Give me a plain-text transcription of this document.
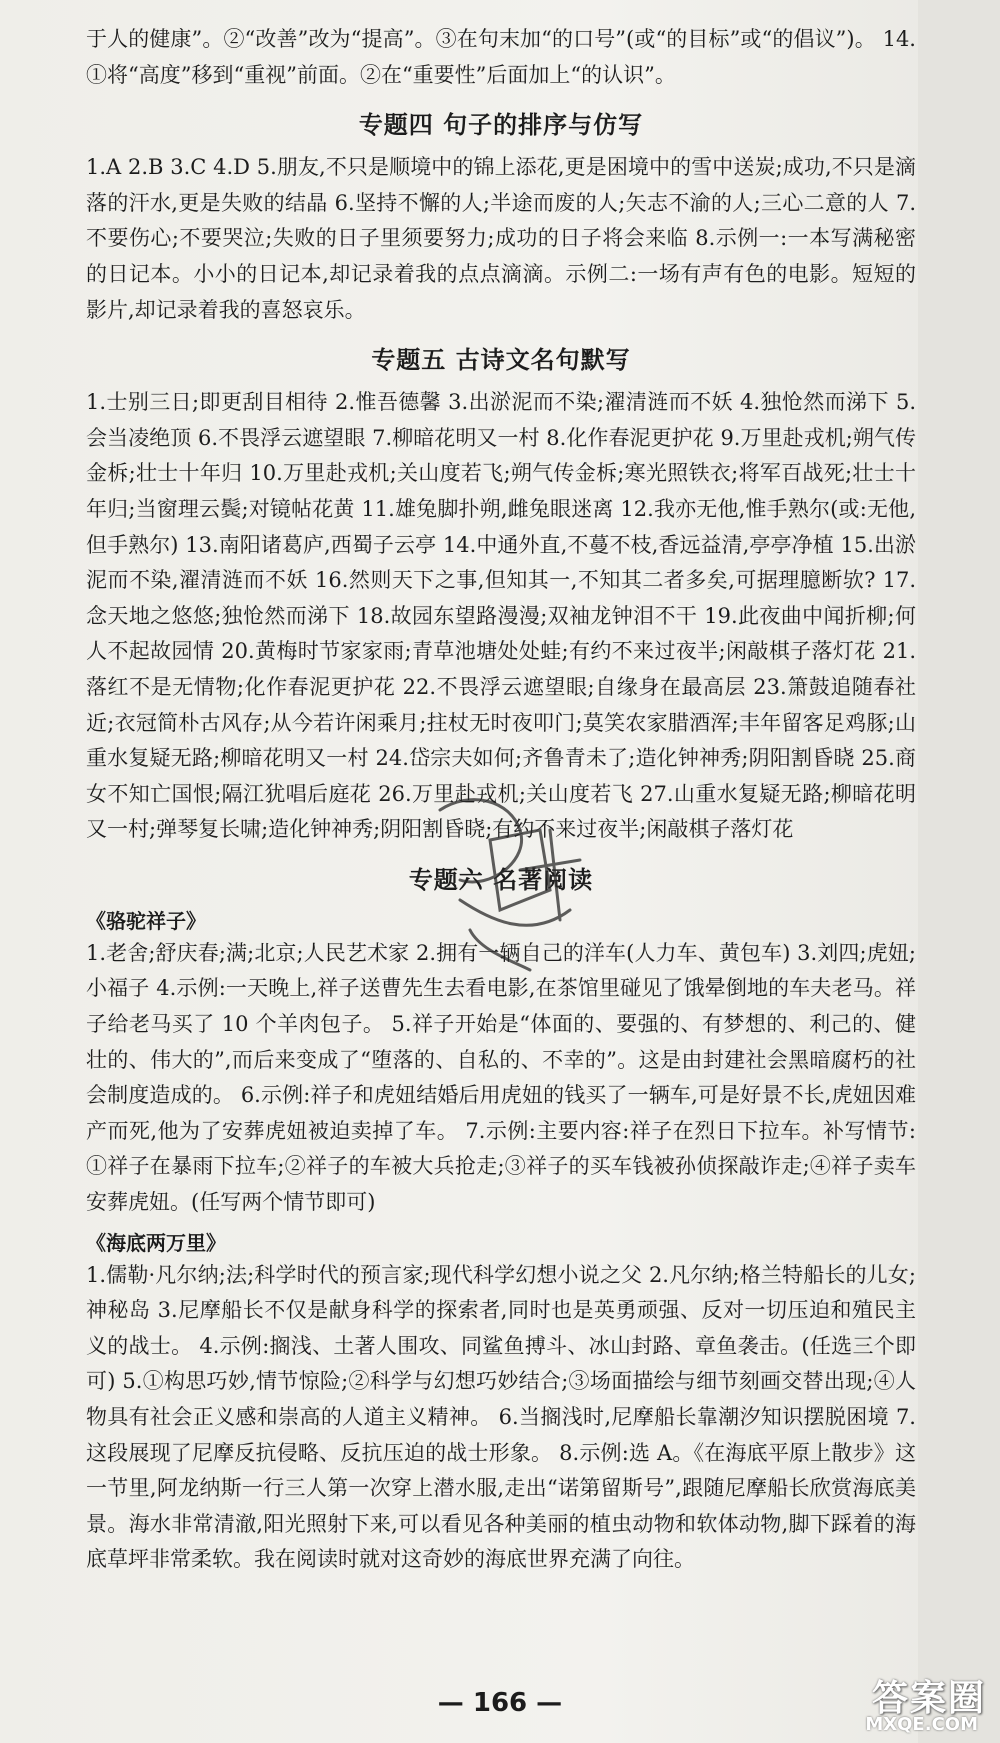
于人的健康”。②“改善”改为“提高”。③在句末加“的口号”(或“的目标”或“的倡议”)。 14.①将“高度”移到“重视”前面。②在“重要性”后面加上“的认识”。

专题四 句子的排序与仿写

1.A 2.B 3.C 4.D 5.朋友,不只是顺境中的锦上添花,更是困境中的雪中送炭;成功,不只是滴落的汗水,更是失败的结晶 6.坚持不懈的人;半途而废的人;矢志不渝的人;三心二意的人 7.不要伤心;不要哭泣;失败的日子里须要努力;成功的日子将会来临 8.示例一:一本写满秘密的日记本。小小的日记本,却记录着我的点点滴滴。示例二:一场有声有色的电影。短短的影片,却记录着我的喜怒哀乐。

专题五 古诗文名句默写

1.士别三日;即更刮目相待 2.惟吾德馨 3.出淤泥而不染;濯清涟而不妖 4.独怆然而涕下 5.会当凌绝顶 6.不畏浮云遮望眼 7.柳暗花明又一村 8.化作春泥更护花 9.万里赴戎机;朔气传金柝;壮士十年归 10.万里赴戎机;关山度若飞;朔气传金柝;寒光照铁衣;将军百战死;壮士十年归;当窗理云鬓;对镜帖花黄 11.雄兔脚扑朔,雌兔眼迷离 12.我亦无他,惟手熟尔(或:无他,但手熟尔) 13.南阳诸葛庐,西蜀子云亭 14.中通外直,不蔓不枝,香远益清,亭亭净植 15.出淤泥而不染,濯清涟而不妖 16.然则天下之事,但知其一,不知其二者多矣,可据理臆断欤? 17.念天地之悠悠;独怆然而涕下 18.故园东望路漫漫;双袖龙钟泪不干 19.此夜曲中闻折柳;何人不起故园情 20.黄梅时节家家雨;青草池塘处处蛙;有约不来过夜半;闲敲棋子落灯花 21.落红不是无情物;化作春泥更护花 22.不畏浮云遮望眼;自缘身在最高层 23.箫鼓追随春社近;衣冠简朴古风存;从今若许闲乘月;拄杖无时夜叩门;莫笑农家腊酒浑;丰年留客足鸡豚;山重水复疑无路;柳暗花明又一村 24.岱宗夫如何;齐鲁青未了;造化钟神秀;阴阳割昏晓 25.商女不知亡国恨;隔江犹唱后庭花 26.万里赴戎机;关山度若飞 27.山重水复疑无路;柳暗花明又一村;弹琴复长啸;造化钟神秀;阴阳割昏晓;有约不来过夜半;闲敲棋子落灯花

专题六 名著阅读
《骆驼祥子》

1.老舍;舒庆春;满;北京;人民艺术家 2.拥有一辆自己的洋车(人力车、黄包车) 3.刘四;虎妞;小福子 4.示例:一天晚上,祥子送曹先生去看电影,在茶馆里碰见了饿晕倒地的车夫老马。祥子给老马买了 10 个羊肉包子。 5.祥子开始是“体面的、要强的、有梦想的、利己的、健壮的、伟大的”,而后来变成了“堕落的、自私的、不幸的”。这是由封建社会黑暗腐朽的社会制度造成的。 6.示例:祥子和虎妞结婚后用虎妞的钱买了一辆车,可是好景不长,虎妞因难产而死,他为了安葬虎妞被迫卖掉了车。 7.示例:主要内容:祥子在烈日下拉车。补写情节:①祥子在暴雨下拉车;②祥子的车被大兵抢走;③祥子的买车钱被孙侦探敲诈走;④祥子卖车安葬虎妞。(任写两个情节即可)

《海底两万里》

1.儒勒·凡尔纳;法;科学时代的预言家;现代科学幻想小说之父 2.凡尔纳;格兰特船长的儿女;神秘岛 3.尼摩船长不仅是献身科学的探索者,同时也是英勇顽强、反对一切压迫和殖民主义的战士。 4.示例:搁浅、土著人围攻、同鲨鱼搏斗、冰山封路、章鱼袭击。(任选三个即可) 5.①构思巧妙,情节惊险;②科学与幻想巧妙结合;③场面描绘与细节刻画交替出现;④人物具有社会正义感和崇高的人道主义精神。 6.当搁浅时,尼摩船长靠潮汐知识摆脱困境 7.这段展现了尼摩反抗侵略、反抗压迫的战士形象。 8.示例:选 A。《在海底平原上散步》这一节里,阿龙纳斯一行三人第一次穿上潜水服,走出“诺第留斯号”,跟随尼摩船长欣赏海底美景。海水非常清澈,阳光照射下来,可以看见各种美丽的植虫动物和软体动物,脚下踩着的海底草坪非常柔软。我在阅读时就对这奇妙的海底世界充满了向往。

— 166 —	答案圈
MXQE.COM
